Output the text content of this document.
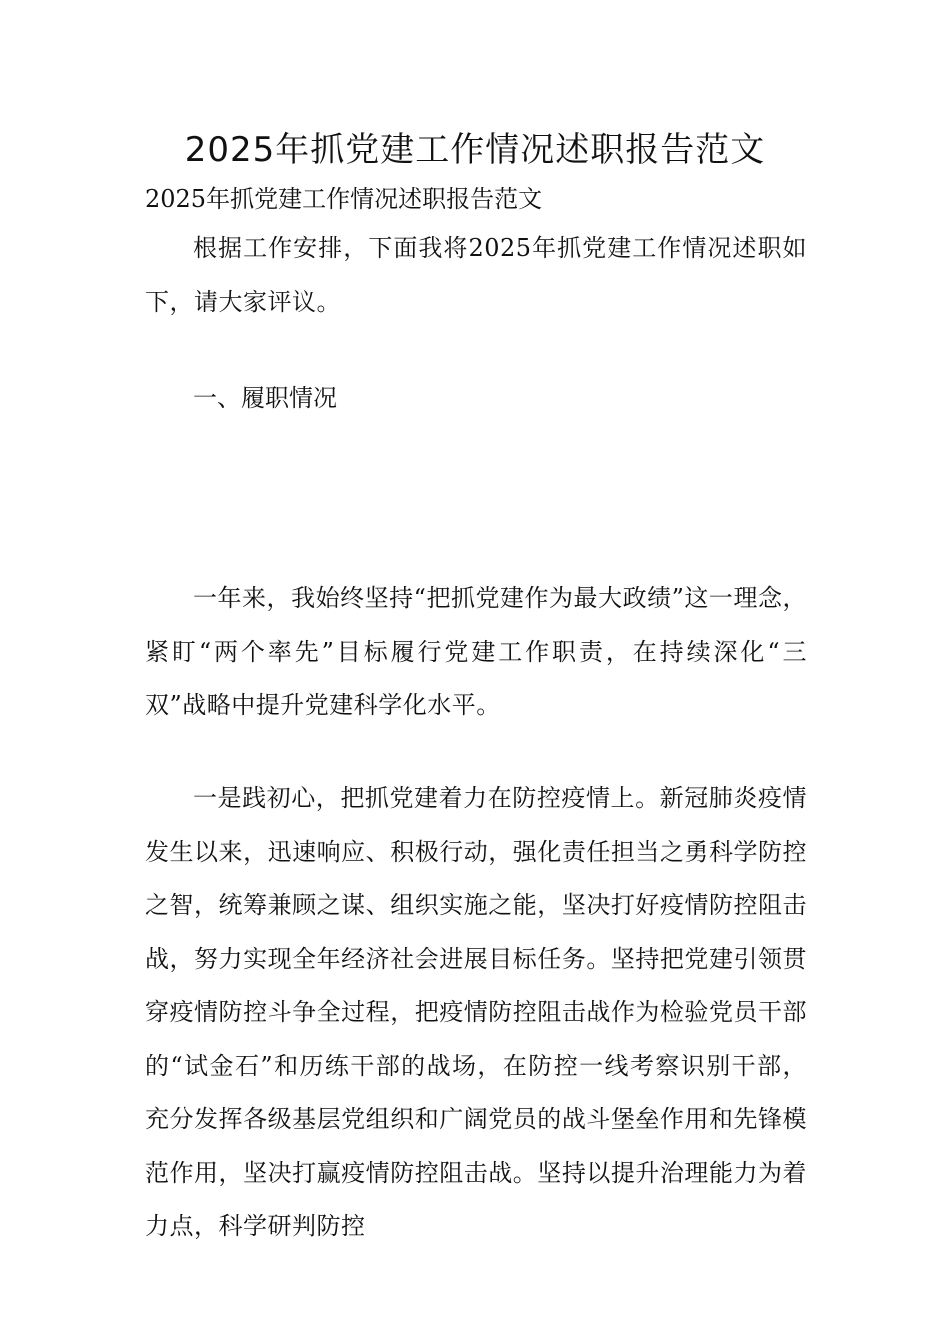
2025年抓党建工作情况述职报告范文
2025年抓党建工作情况述职报告范文
根据工作安排，下面我将2025年抓党建工作情况述职如下，请大家评议。
一、履职情况
一年来，我始终坚持“把抓党建作为最大政绩”这一理念，紧盯“两个率先”目标履行党建工作职责，在持续深化“三双”战略中提升党建科学化水平。
一是践初心，把抓党建着力在防控疫情上。新冠肺炎疫情发生以来，迅速响应、积极行动，强化责任担当之勇科学防控之智，统筹兼顾之谋、组织实施之能，坚决打好疫情防控阻击战，努力实现全年经济社会进展目标任务。坚持把党建引领贯穿疫情防控斗争全过程，把疫情防控阻击战作为检验党员干部的“试金石”和历练干部的战场，在防控一线考察识别干部，充分发挥各级基层党组织和广阔党员的战斗堡垒作用和先锋模范作用，坚决打赢疫情防控阻击战。坚持以提升治理能力为着力点，科学研判防控
